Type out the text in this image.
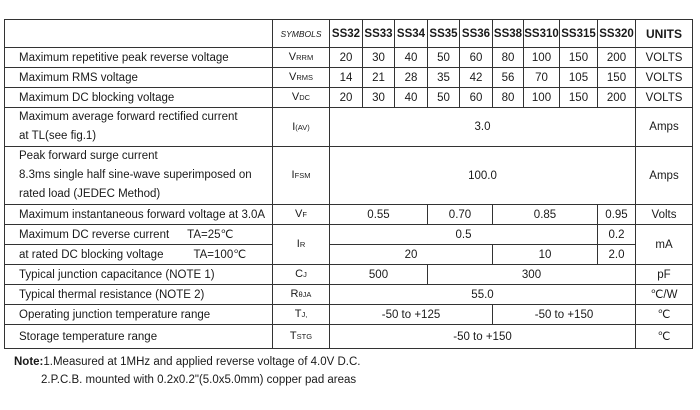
	SYMBOLS	SS32	SS33	SS34	SS35	SS36	SS38	SS310	SS315	SS320	UNITS
Maximum repetitive peak reverse voltage	VRRM	20	30	40	50	60	80	100	150	200	VOLTS
Maximum RMS voltage	VRMS	14	21	28	35	42	56	70	105	150	VOLTS
Maximum DC blocking voltage	VDC	20	30	40	50	60	80	100	150	200	VOLTS

Maximum average forward rectified current
at TL(see fig.1)	I(AV)	3.0									Amps

Peak forward surge current
8.3ms single half sine-wave superimposed on
rated load (JEDEC Method)	IFSM	100.0									Amps
Maximum instantaneous forward voltage at 3.0A	VF	0.55			0.70		0.85			0.95	Volts
Maximum DC reverse current TA=25℃	IR	0.5								0.2	mA
at rated DC blocking voltage TA=100℃		20					10			2.0	
Typical junction capacitance (NOTE 1)	CJ	500			300						pF
Typical thermal resistance (NOTE 2)	RθJA	55.0									℃/W
Operating junction temperature range	TJ,	-50 to +125					-50 to +150				℃
Storage temperature range	TSTG	-50 to +150									℃
Note:1.Measured at 1MHz and applied reverse voltage of 4.0V D.C.
2.P.C.B. mounted with 0.2x0.2"(5.0x5.0mm) copper pad areas
